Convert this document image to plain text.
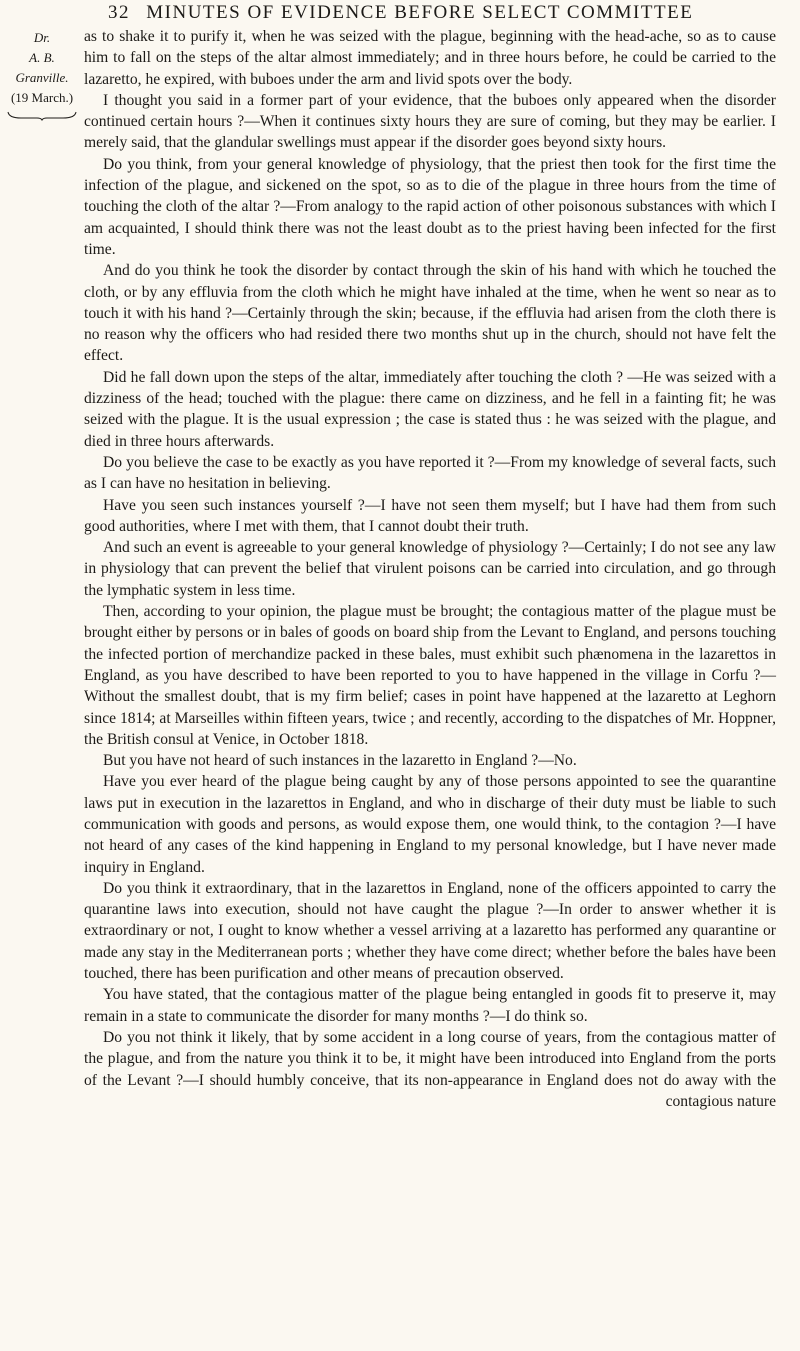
32 MINUTES OF EVIDENCE BEFORE SELECT COMMITTEE
Dr.
A. B. Granville.
(19 March.)

as to shake it to purify it, when he was seized with the plague, beginning with the head-ache, so as to cause him to fall on the steps of the altar almost immediately; and in three hours before, he could be carried to the lazaretto, he expired, with buboes under the arm and livid spots over the body.

I thought you said in a former part of your evidence, that the buboes only appeared when the disorder continued certain hours ?—When it continues sixty hours they are sure of coming, but they may be earlier. I merely said, that the glandular swellings must appear if the disorder goes beyond sixty hours.

Do you think, from your general knowledge of physiology, that the priest then took for the first time the infection of the plague, and sickened on the spot, so as to die of the plague in three hours from the time of touching the cloth of the altar ?—From analogy to the rapid action of other poisonous substances with which I am acquainted, I should think there was not the least doubt as to the priest having been infected for the first time.

And do you think he took the disorder by contact through the skin of his hand with which he touched the cloth, or by any effluvia from the cloth which he might have inhaled at the time, when he went so near as to touch it with his hand ?—Certainly through the skin; because, if the effluvia had arisen from the cloth there is no reason why the officers who had resided there two months shut up in the church, should not have felt the effect.

Did he fall down upon the steps of the altar, immediately after touching the cloth ? —He was seized with a dizziness of the head; touched with the plague: there came on dizziness, and he fell in a fainting fit; he was seized with the plague. It is the usual expression ; the case is stated thus : he was seized with the plague, and died in three hours afterwards.

Do you believe the case to be exactly as you have reported it ?—From my knowledge of several facts, such as I can have no hesitation in believing.

Have you seen such instances yourself ?—I have not seen them myself; but I have had them from such good authorities, where I met with them, that I cannot doubt their truth.

And such an event is agreeable to your general knowledge of physiology ?—Certainly; I do not see any law in physiology that can prevent the belief that virulent poisons can be carried into circulation, and go through the lymphatic system in less time.

Then, according to your opinion, the plague must be brought; the contagious matter of the plague must be brought either by persons or in bales of goods on board ship from the Levant to England, and persons touching the infected portion of merchandize packed in these bales, must exhibit such phænomena in the lazarettos in England, as you have described to have been reported to you to have happened in the village in Corfu ?—Without the smallest doubt, that is my firm belief; cases in point have happened at the lazaretto at Leghorn since 1814; at Marseilles within fifteen years, twice ; and recently, according to the dispatches of Mr. Hoppner, the British consul at Venice, in October 1818.

But you have not heard of such instances in the lazaretto in England ?—No.

Have you ever heard of the plague being caught by any of those persons appointed to see the quarantine laws put in execution in the lazarettos in England, and who in discharge of their duty must be liable to such communication with goods and persons, as would expose them, one would think, to the contagion ?—I have not heard of any cases of the kind happening in England to my personal knowledge, but I have never made inquiry in England.

Do you think it extraordinary, that in the lazarettos in England, none of the officers appointed to carry the quarantine laws into execution, should not have caught the plague ?—In order to answer whether it is extraordinary or not, I ought to know whether a vessel arriving at a lazaretto has performed any quarantine or made any stay in the Mediterranean ports ; whether they have come direct; whether before the bales have been touched, there has been purification and other means of precaution observed.

You have stated, that the contagious matter of the plague being entangled in goods fit to preserve it, may remain in a state to communicate the disorder for many months ?—I do think so.

Do you not think it likely, that by some accident in a long course of years, from the contagious matter of the plague, and from the nature you think it to be, it might have been introduced into England from the ports of the Levant ?—I should humbly conceive, that its non-appearance in England does not do away with the contagious nature
